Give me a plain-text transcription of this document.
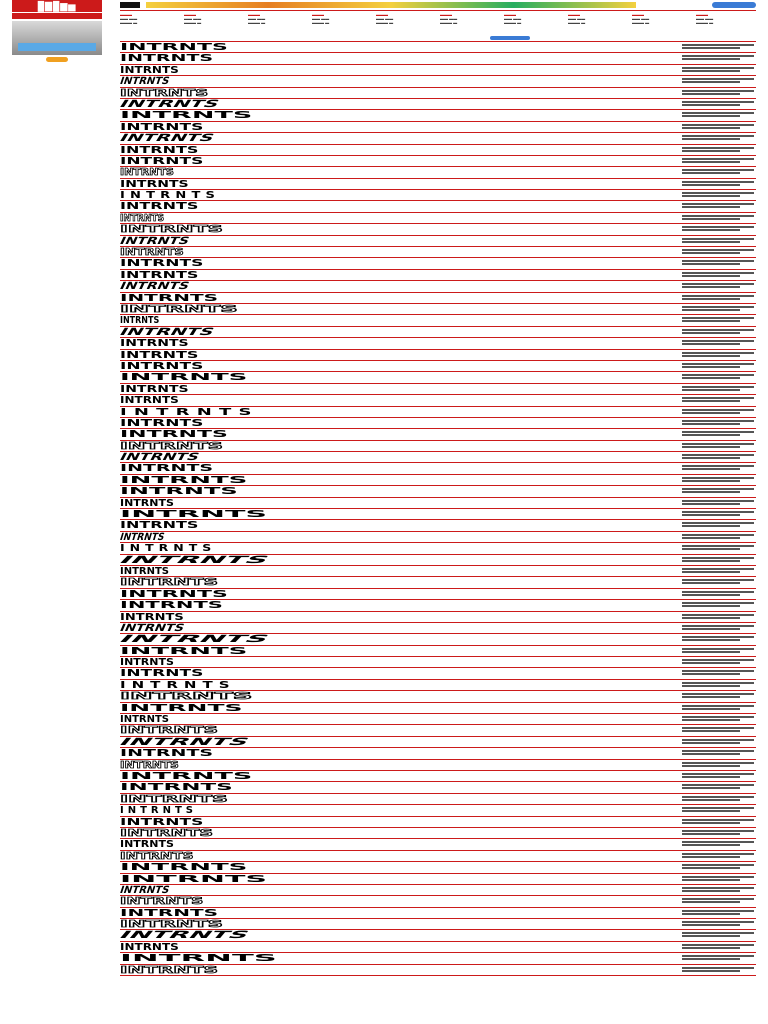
█▇█▆▅
▬▬▬
▬▬ ▬▬
▬▬▬ ▬
▬▬▬
▬▬ ▬▬
▬▬▬ ▬
▬▬▬
▬▬ ▬▬
▬▬▬ ▬
▬▬▬
▬▬ ▬▬
▬▬▬ ▬
▬▬▬
▬▬ ▬▬
▬▬▬ ▬
▬▬▬
▬▬ ▬▬
▬▬▬ ▬
▬▬▬
▬▬ ▬▬
▬▬▬ ▬
▬▬▬
▬▬ ▬▬
▬▬▬ ▬
▬▬▬
▬▬ ▬▬
▬▬▬ ▬
▬▬▬
▬▬ ▬▬
▬▬▬ ▬
INTRNTS
INTRNTS
INTRNTS
INTRNTS
INTRNTS
INTRNTS
INTRNTS
INTRNTS
INTRNTS
INTRNTS
INTRNTS
INTRNTS
INTRNTS
INTRNTS
INTRNTS
INTRNTS
INTRNTS
INTRNTS
INTRNTS
INTRNTS
INTRNTS
INTRNTS
INTRNTS
INTRNTS
INTRNTS
INTRNTS
INTRNTS
INTRNTS
INTRNTS
INTRNTS
INTRNTS
INTRNTS
INTRNTS
INTRNTS
INTRNTS
INTRNTS
INTRNTS
INTRNTS
INTRNTS
INTRNTS
INTRNTS
INTRNTS
INTRNTS
INTRNTS
INTRNTS
INTRNTS
INTRNTS
INTRNTS
INTRNTS
INTRNTS
INTRNTS
INTRNTS
INTRNTS
INTRNTS
INTRNTS
INTRNTS
INTRNTS
INTRNTS
INTRNTS
INTRNTS
INTRNTS
INTRNTS
INTRNTS
INTRNTS
INTRNTS
INTRNTS
INTRNTS
INTRNTS
INTRNTS
INTRNTS
INTRNTS
INTRNTS
INTRNTS
INTRNTS
INTRNTS
INTRNTS
INTRNTS
INTRNTS
INTRNTS
INTRNTS
INTRNTS
INTRNTS
